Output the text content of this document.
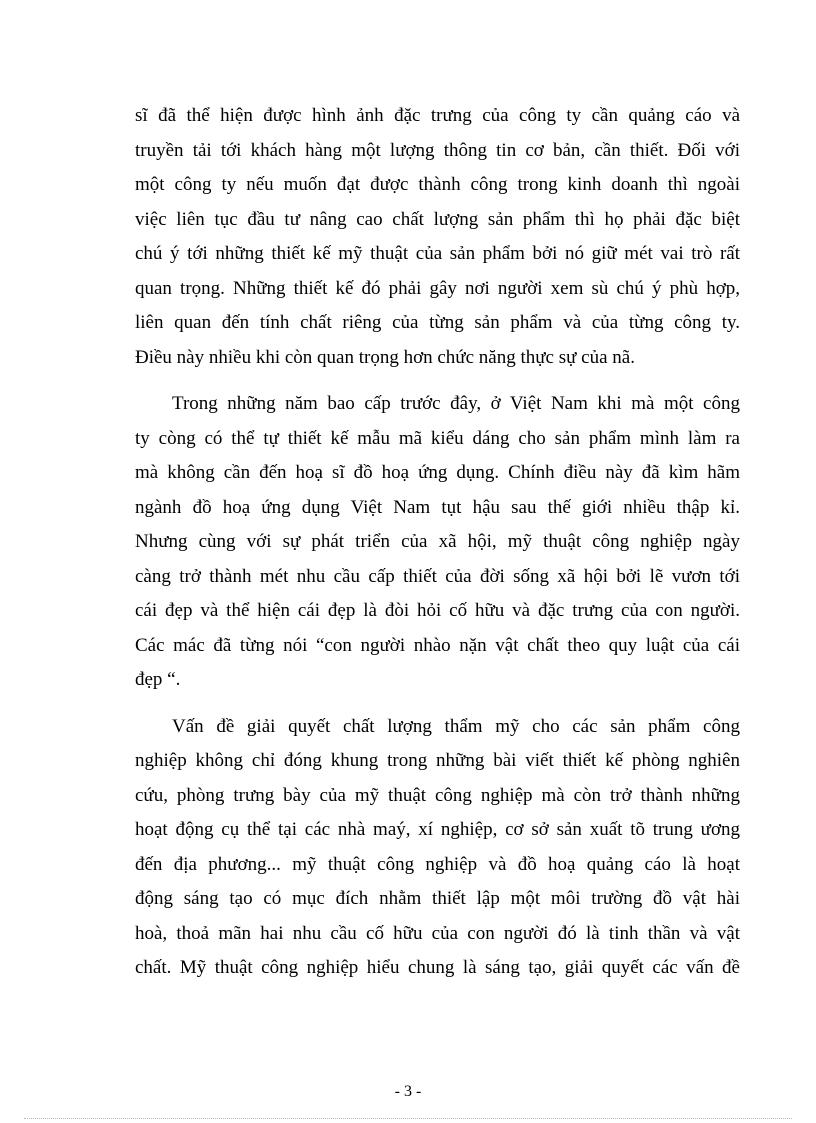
sĩ đã thể hiện được hình ảnh đặc trưng của công ty cần quảng cáo và
truyền tải tới khách hàng một lượng thông tin cơ bản, cần thiết. Đối với
một công ty nếu muốn đạt được thành công trong kinh doanh thì ngoài
việc liên tục đầu tư nâng cao chất lượng sản phẩm thì họ phải đặc biệt
chú ý tới những thiết kế mỹ thuật của sản phẩm bởi nó giữ mét vai trò rất
quan trọng. Những thiết kế đó phải gây nơi người xem sù chú ý phù hợp,
liên quan đến tính chất riêng của từng sản phẩm và của từng công ty.
Điều này nhiều khi còn quan trọng hơn chức năng thực sự của nã.
Trong những năm bao cấp trước đây, ở Việt Nam khi mà một công
ty còng có thể tự thiết kế mẫu mã kiểu dáng cho sản phẩm mình làm ra
mà không cần đến hoạ sĩ đồ hoạ ứng dụng. Chính điều này đã kìm hãm
ngành đồ hoạ ứng dụng Việt Nam tụt hậu sau thế giới nhiều thập kỉ.
Nhưng cùng với sự phát triển của xã hội, mỹ thuật công nghiệp ngày
càng trở thành mét nhu cầu cấp thiết của đời sống xã hội bởi lẽ vươn tới
cái đẹp và thể hiện cái đẹp là đòi hỏi cố hữu và đặc trưng của con người.
Các mác đã từng nói “con người nhào nặn vật chất theo quy luật của cái
đẹp “.
Vấn đề giải quyết chất lượng thẩm mỹ cho các sản phẩm công
nghiệp không chỉ đóng khung trong những bài viết thiết kế phòng nghiên
cứu, phòng trưng bày của mỹ thuật công nghiệp mà còn trở thành những
hoạt động cụ thể tại các nhà maý, xí nghiệp, cơ sở sản xuất tõ trung ương
đến địa phương... mỹ thuật công nghiệp và đồ hoạ quảng cáo là hoạt
động sáng tạo có mục đích nhằm thiết lập một môi trường đồ vật hài
hoà, thoả mãn hai nhu cầu cố hữu của con người đó là tinh thần và vật
chất. Mỹ thuật công nghiệp hiểu chung là sáng tạo, giải quyết các vấn đề
- 3 -
